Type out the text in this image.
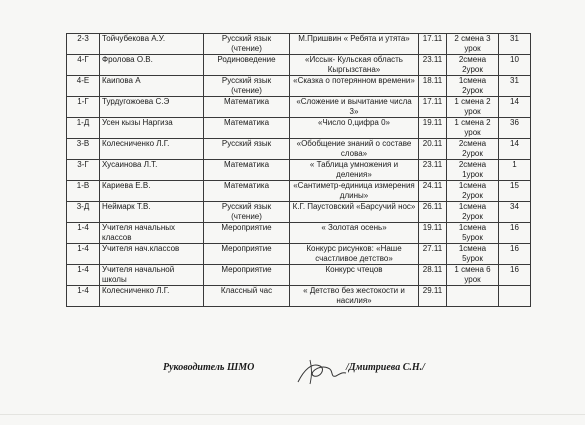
2-3	Тойчубекова А.У.	Русский язык (чтение)	М.Пришвин « Ребята и утята»	17.11	2 смена 3 урок	31
4-Г	Фролова О.В.	Родиноведение	«Иссык- Кульская область Кыргызстана»	23.11	2смена 2урок	10
4-Е	Каипова А	Русский язык (чтение)	«Сказка о потерянном времени»	18.11	1смена 2урок	31
1-Г	Турдугожоева С.Э	Математика	«Сложение и вычитание числа 3»	17.11	1 смена 2 урок	14
1-Д	Усен кызы Наргиза	Математика	«Число 0,цифра 0»	19.11	1 смена 2 урок	36
3-В	Колесниченко Л.Г.	Русский язык	«Обобщение знаний о составе слова»	20.11	2смена 2урок	14
3-Г	Хусаинова Л.Т.	Математика	« Таблица умножения и деления»	23.11	2смена 1урок	1
1-В	Кариева Е.В.	Математика	«Сантиметр-единица измерения длины»	24.11	1смена 2урок	15
3-Д	Неймарк Т.В.	Русский язык (чтение)	К.Г. Паустовский «Барсучий нос»	26.11	1смена 2урок	34
1-4	Учителя начальных классов	Мероприятие	« Золотая осень»	19.11	1смена 5урок	16
1-4	Учителя нач.классов	Мероприятие	Конкурс рисунков: «Наше счастливое детство»	27.11	1смена 5урок	16
1-4	Учителя начальной школы	Мероприятие	Конкурс чтецов	28.11	1 смена 6 урок	16
1-4	Колесниченко Л.Г.	Классный час	« Детство без жестокости и насилия»	29.11		
Руководитель ШМО	/Дмитриева С.Н./
